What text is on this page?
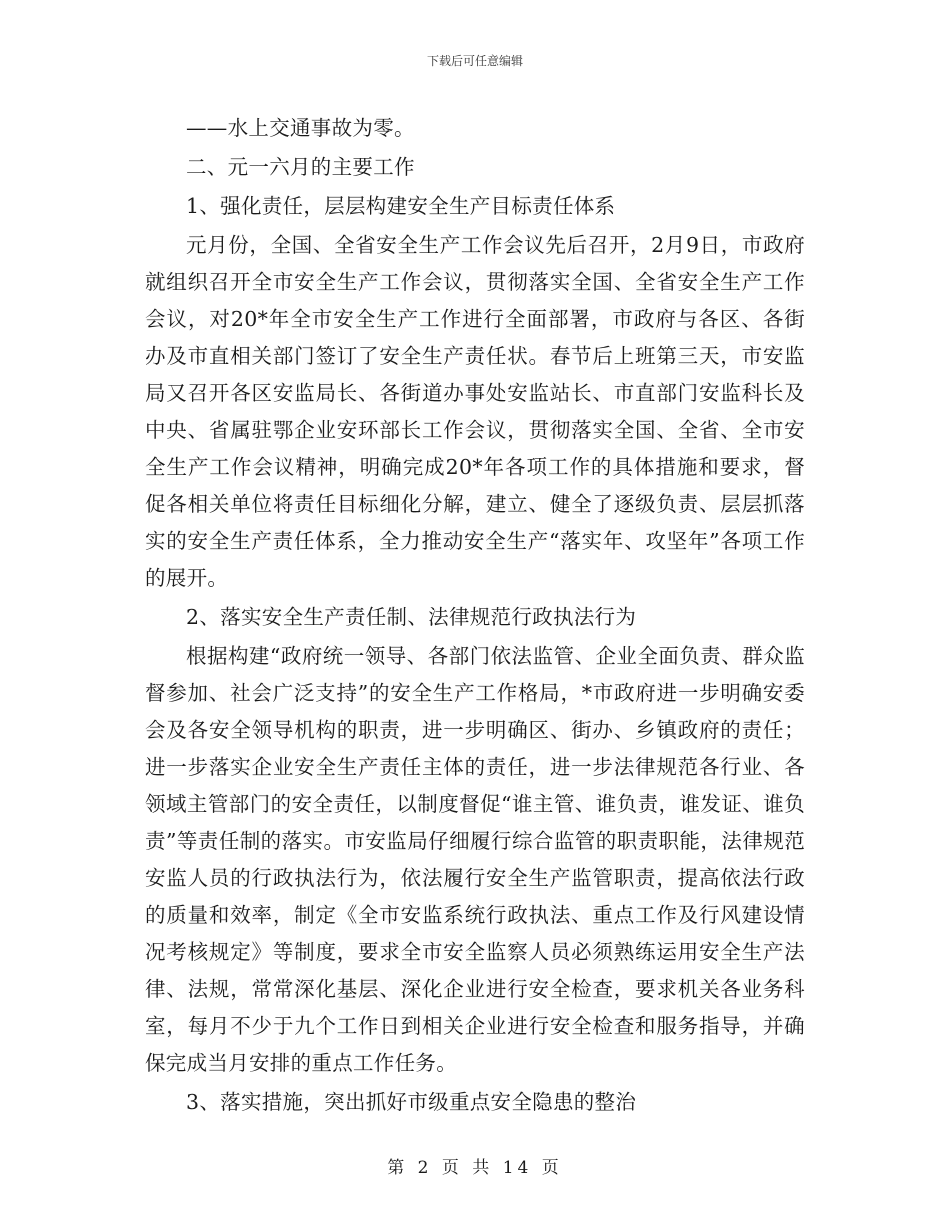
下载后可任意编辑

——水上交通事故为零。

二、元一六月的主要工作

1、强化责任，层层构建安全生产目标责任体系

元月份，全国、全省安全生产工作会议先后召开，2月9日，市政府就组织召开全市安全生产工作会议，贯彻落实全国、全省安全生产工作会议，对20*年全市安全生产工作进行全面部署，市政府与各区、各街办及市直相关部门签订了安全生产责任状。春节后上班第三天，市安监局又召开各区安监局长、各街道办事处安监站长、市直部门安监科长及中央、省属驻鄂企业安环部长工作会议，贯彻落实全国、全省、全市安全生产工作会议精神，明确完成20*年各项工作的具体措施和要求，督促各相关单位将责任目标细化分解，建立、健全了逐级负责、层层抓落实的安全生产责任体系，全力推动安全生产“落实年、攻坚年”各项工作的展开。

2、落实安全生产责任制、法律规范行政执法行为

根据构建“政府统一领导、各部门依法监管、企业全面负责、群众监督参加、社会广泛支持”的安全生产工作格局，*市政府进一步明确安委会及各安全领导机构的职责，进一步明确区、街办、乡镇政府的责任；进一步落实企业安全生产责任主体的责任，进一步法律规范各行业、各领域主管部门的安全责任，以制度督促“谁主管、谁负责，谁发证、谁负责”等责任制的落实。市安监局仔细履行综合监管的职责职能，法律规范安监人员的行政执法行为，依法履行安全生产监管职责，提高依法行政的质量和效率，制定《全市安监系统行政执法、重点工作及行风建设情况考核规定》等制度，要求全市安全监察人员必须熟练运用安全生产法律、法规，常常深化基层、深化企业进行安全检查，要求机关各业务科室，每月不少于九个工作日到相关企业进行安全检查和服务指导，并确保完成当月安排的重点工作任务。

3、落实措施，突出抓好市级重点安全隐患的整治

第 2 页 共 14 页
